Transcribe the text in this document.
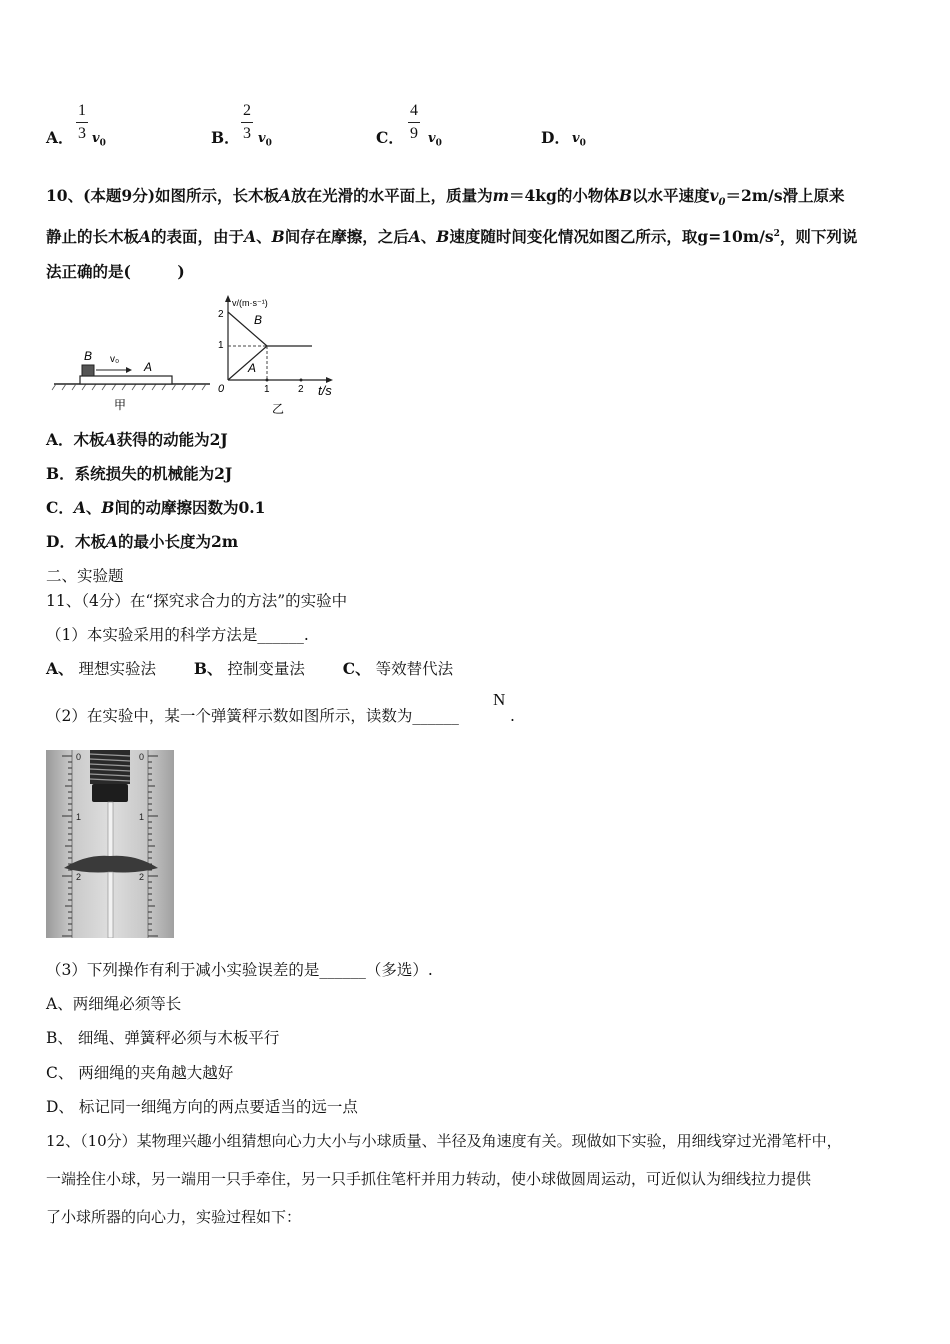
A．
1
3 $v_0$	B．
2
3 $v_0$	C．
4
9 $v_0$	D． $v_0$
10、(本题9分)如图所示，长木板A放在光滑的水平面上，质量为m＝4kg的小物体B以水平速度$v_0=2m/s$滑上原来
静止的长木板A的表面，由于A、B间存在摩擦，之后A、B速度随时间变化情况如图乙所示，取$g=10m/s^2$，则下列说
法正确的是(　　　)
B v₀
A
甲
v/(m·s⁻¹)
2
1
0	1	2 t/s
乙
B
A
A．木板A获得的动能为2J
B．系统损失的机械能为2J
C．A、B间的动摩擦因数为0.1
D．木板A的最小长度为2m
二、实验题
11、（4分）在“探究求合力的方法”的实验中
（1）本实验采用的科学方法是______.
A、 理想实验法 B、 控制变量法 C、 等效替代法
（2）在实验中，某一个弹簧秤示数如图所示，读数为______
N
.
0	0
1	1
2	2
（3）下列操作有利于减小实验误差的是______（多选）.
A、两细绳必须等长
B、 细绳、弹簧秤必须与木板平行
C、 两细绳的夹角越大越好
D、 标记同一细绳方向的两点要适当的远一点
12、（10分）某物理兴趣小组猜想向心力大小与小球质量、半径及角速度有关。现做如下实验，用细线穿过光滑笔杆中，
一端拴住小球，另一端用一只手牵住，另一只手抓住笔杆并用力转动，使小球做圆周运动，可近似认为细线拉力提供
了小球所器的向心力，实验过程如下：
